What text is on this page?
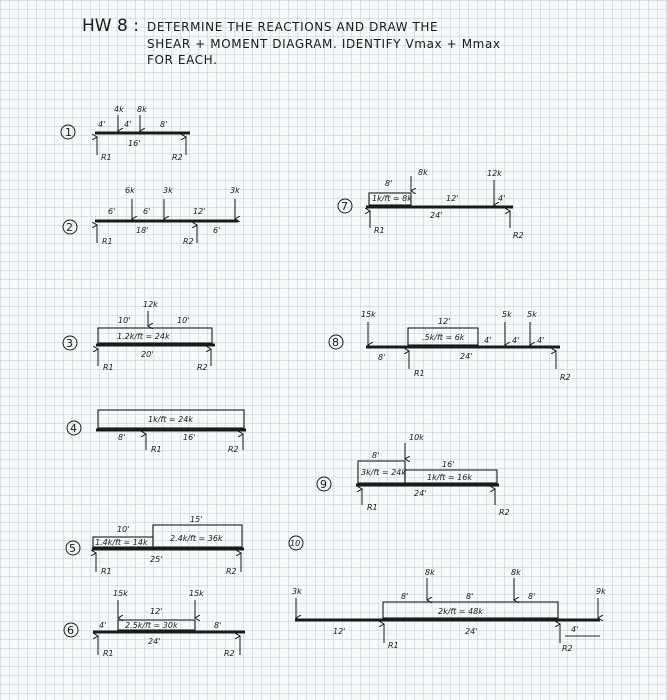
HW 8 : DETERMINE THE REACTIONS AND DRAW THE
SHEAR + MOMENT DIAGRAM. IDENTIFY Vmax + Mmax
FOR EACH.
1
4k 8k
4' 4'	8'
16'
R1	R2
2
6k	3k	3k
6'	6'
18'
12'
6'
R1	R2
3
12k
10'	10'
1.2k/ft = 24k
20'
R1	R2
4
1k/ft = 24k
8'	16'
R1	R2
5
10'
15'
1.4k/ft = 14k	2.4k/ft = 36k
25'
R1	R2
6
15k	15k
4'
12'
2.5k/ft = 30k	8'
24'
R1	R2
7
8k	12k
8'
1k/ft = 8k	12'	4'
24'
R1
R2
8
15k	5k 5k
12'
.5k/ft = 6k
8'
4'	4' 4'
24'
R1	R2
9
10k
8'
16'
3k/ft = 24k
1k/ft = 16k
24'
R1
R2
10
3k
8k	8k
9k
8'	8'	8'
2k/ft = 48k
12'	24'	4'
R1	R2
